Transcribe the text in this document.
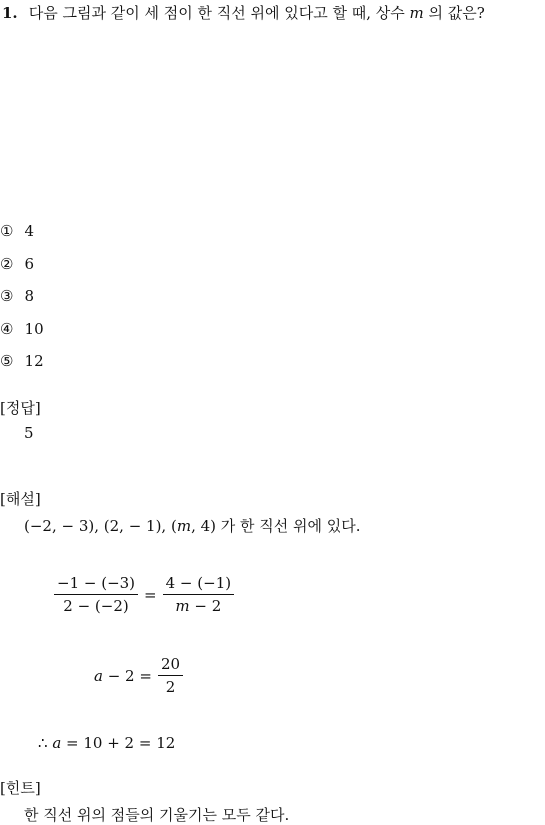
1. 다음 그림과 같이 세 점이 한 직선 위에 있다고 할 때, 상수 m 의 값은?
① 4
② 6
③ 8
④ 10
⑤ 12
[정답]
5
[해설]
(−2, − 3), (2, − 1), (m, 4) 가 한 직선 위에 있다.
$\frac{-1 - (-3)}{2 - (-2)} = \frac{4 - (-1)}{m - 2}$
$a - 2 = \frac{20}{2}$
∴ a = 10 + 2 = 12
[힌트]
한 직선 위의 점들의 기울기는 모두 같다.
